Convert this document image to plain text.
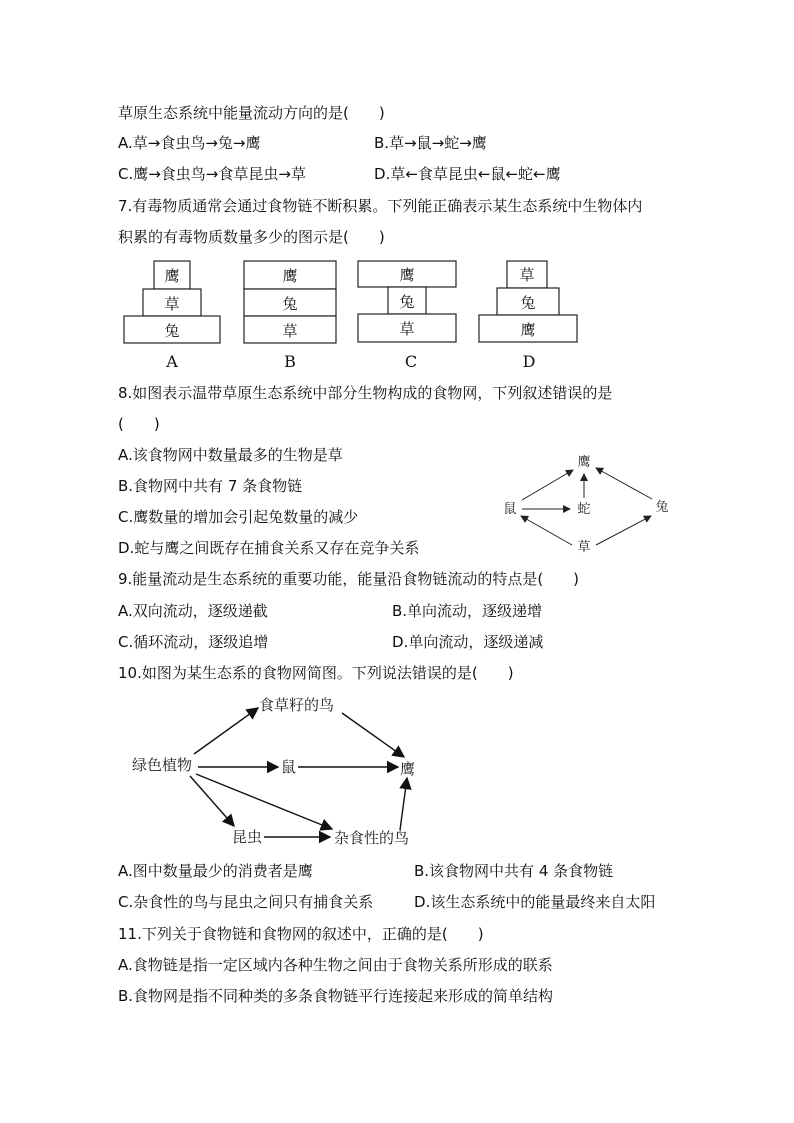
草原生态系统中能量流动方向的是(　　)
A.草→食虫鸟→兔→鹰	B.草→鼠→蛇→鹰
C.鹰→食虫鸟→食草昆虫→草	D.草←食草昆虫←鼠←蛇←鹰
7.有毒物质通常会通过食物链不断积累。下列能正确表示某生态系统中生物体内
积累的有毒物质数量多少的图示是(　　)
鹰
草
兔
A
鹰
兔
草
B
鹰
兔
草
C
草
兔
鹰
D
8.如图表示温带草原生态系统中部分生物构成的食物网，下列叙述错误的是
(　　)
A.该食物网中数量最多的生物是草
B.食物网中共有 7 条食物链
C.鹰数量的增加会引起兔数量的减少
D.蛇与鹰之间既存在捕食关系又存在竞争关系
鹰
鼠	蛇	兔
草
9.能量流动是生态系统的重要功能，能量沿食物链流动的特点是(　　)
A.双向流动，逐级递截	B.单向流动，逐级递增
C.循环流动，逐级追增	D.单向流动，逐级递减
10.如图为某生态系的食物网简图。下列说法错误的是(　　)
食草籽的鸟
绿色植物	鼠	鹰
昆虫	杂食性的鸟
A.图中数量最少的消费者是鹰	B.该食物网中共有 4 条食物链
C.杂食性的鸟与昆虫之间只有捕食关系	D.该生态系统中的能量最终来自太阳
11.下列关于食物链和食物网的叙述中，正确的是(　　)
A.食物链是指一定区域内各种生物之间由于食物关系所形成的联系
B.食物网是指不同种类的多条食物链平行连接起来形成的简单结构
